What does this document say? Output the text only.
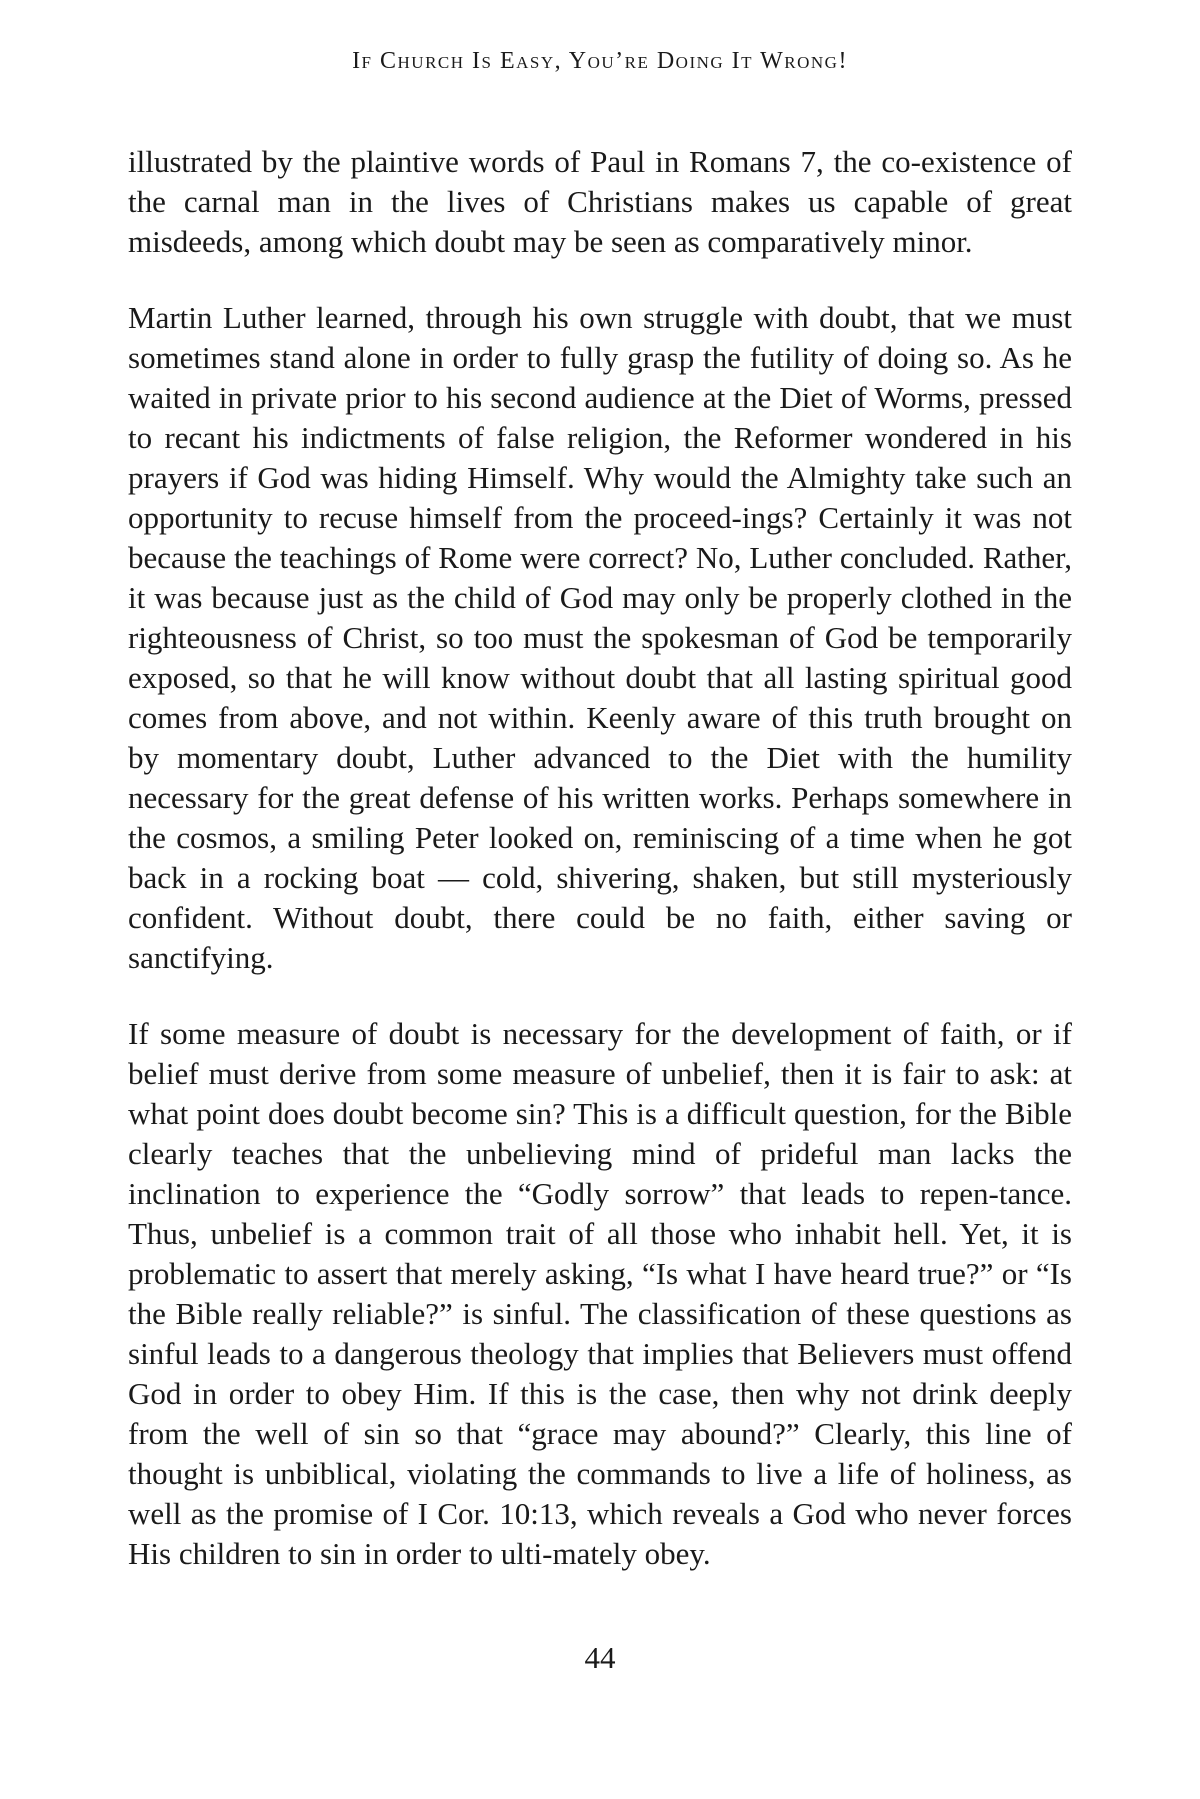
If Church Is Easy, You’re Doing It Wrong!

illustrated by the plaintive words of Paul in Romans 7, the co-existence of the carnal man in the lives of Christians makes us capable of great misdeeds, among which doubt may be seen as comparatively minor.

Martin Luther learned, through his own struggle with doubt, that we must sometimes stand alone in order to fully grasp the futility of doing so. As he waited in private prior to his second audience at the Diet of Worms, pressed to recant his indictments of false religion, the Reformer wondered in his prayers if God was hiding Himself. Why would the Almighty take such an opportunity to recuse himself from the proceed-ings? Certainly it was not because the teachings of Rome were correct? No, Luther concluded. Rather, it was because just as the child of God may only be properly clothed in the righteousness of Christ, so too must the spokesman of God be temporarily exposed, so that he will know without doubt that all lasting spiritual good comes from above, and not within. Keenly aware of this truth brought on by momentary doubt, Luther advanced to the Diet with the humility necessary for the great defense of his written works. Perhaps somewhere in the cosmos, a smiling Peter looked on, reminiscing of a time when he got back in a rocking boat — cold, shivering, shaken, but still mysteriously confident. Without doubt, there could be no faith, either saving or sanctifying.

If some measure of doubt is necessary for the development of faith, or if belief must derive from some measure of unbelief, then it is fair to ask: at what point does doubt become sin? This is a difficult question, for the Bible clearly teaches that the unbelieving mind of prideful man lacks the inclination to experience the “Godly sorrow” that leads to repen-tance. Thus, unbelief is a common trait of all those who inhabit hell. Yet, it is problematic to assert that merely asking, “Is what I have heard true?” or “Is the Bible really reliable?” is sinful. The classification of these questions as sinful leads to a dangerous theology that implies that Believers must offend God in order to obey Him. If this is the case, then why not drink deeply from the well of sin so that “grace may abound?” Clearly, this line of thought is unbiblical, violating the commands to live a life of holiness, as well as the promise of I Cor. 10:13, which reveals a God who never forces His children to sin in order to ulti-mately obey.

44
